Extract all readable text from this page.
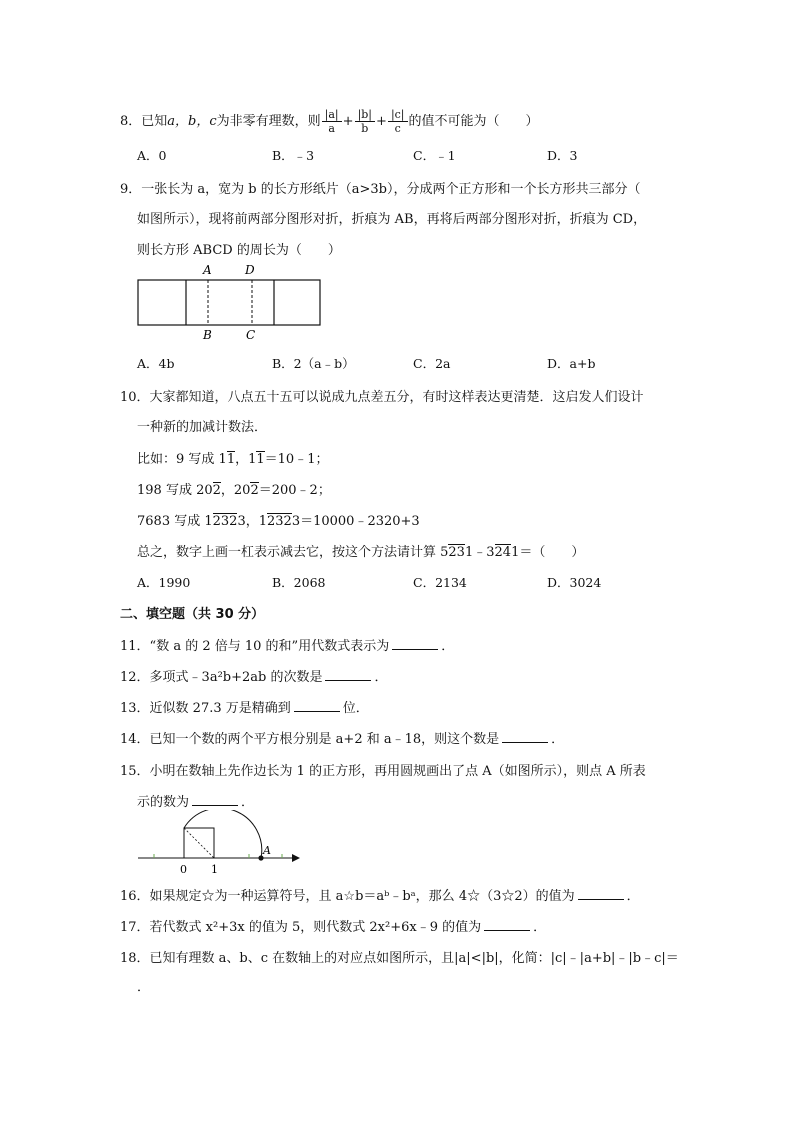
8．已知a，b，c为非零有理数，则 $\frac{|a|}{a} + \frac{|b|}{b} + \frac{|c|}{c}$ 的值不可能为（　　）
A．0	B．﹣3	C．﹣1	D．3
9．一张长为 a，宽为 b 的长方形纸片（a>3b），分成两个正方形和一个长方形共三部分（
如图所示），现将前两部分图形对折，折痕为 AB，再将后两部分图形对折，折痕为 CD，
则长方形 ABCD 的周长为（　　）
A	D
B	C
A．4b	B．2（a﹣b）	C．2a	D．a+b
10．大家都知道，八点五十五可以说成九点差五分，有时这样表达更清楚．这启发人们设计
一种新的加减计数法．
比如：9 写成 11，11＝10﹣1；
198 写成 202，202＝200﹣2；
7683 写成 12323，12323＝10000﹣2320+3
总之，数字上画一杠表示减去它，按这个方法请计算 5231﹣3241＝（　　）
A．1990	B．2068	C．2134	D．3024
二、填空题（共 30 分）
11．“数 a 的 2 倍与 10 的和”用代数式表示为	．
12．多项式﹣3a²b+2ab 的次数是	．
13．近似数 27.3 万是精确到	位．
14．已知一个数的两个平方根分别是 a+2 和 a﹣18，则这个数是	．
15．小明在数轴上先作边长为 1 的正方形，再用圆规画出了点 A（如图所示），则点 A 所表
示的数为	．
0 1
A
16．如果规定☆为一种运算符号，且 a☆b＝aᵇ﹣bᵃ，那么 4☆（3☆2）的值为	．
17．若代数式 x²+3x 的值为 5，则代数式 2x²+6x﹣9 的值为	．
18．已知有理数 a、b、c 在数轴上的对应点如图所示，且|a|<|b|，化简：|c|﹣|a+b|﹣|b﹣c|＝
．
